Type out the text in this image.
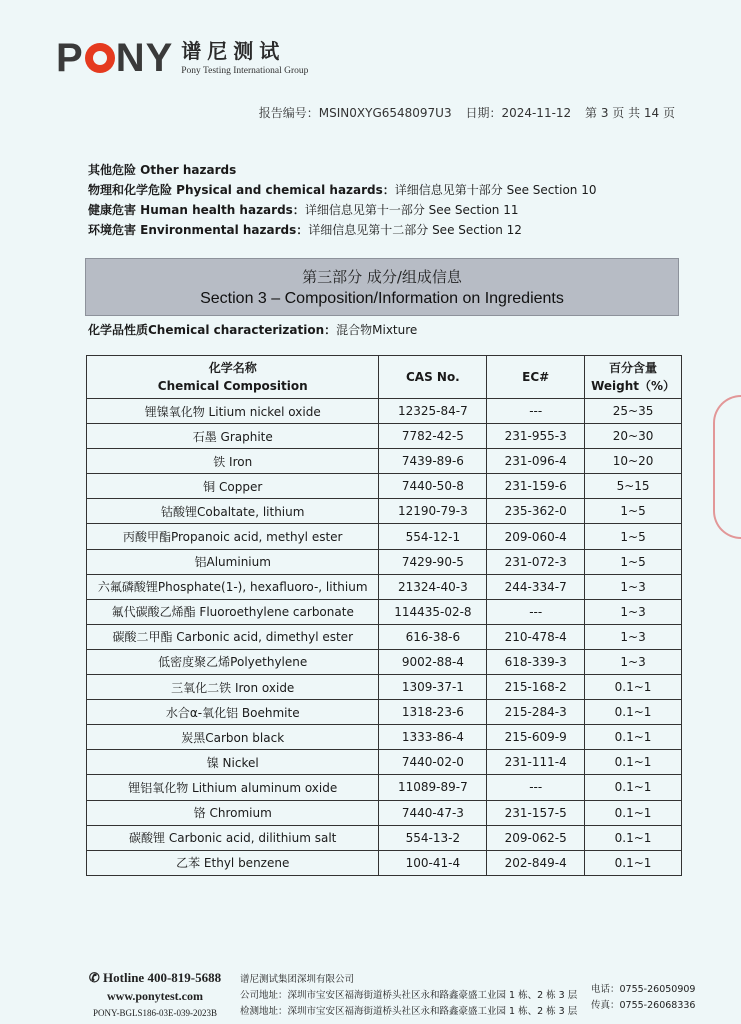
P NY 谱尼测试
Pony Testing International Group
报告编号：MSIN0XYG6548097U3 日期：2024-11-12 第 3 页 共 14 页
其他危险 Other hazards
物理和化学危险 Physical and chemical hazards：详细信息见第十部分 See Section 10
健康危害 Human health hazards：详细信息见第十一部分 See Section 11
环境危害 Environmental hazards：详细信息见第十二部分 See Section 12
第三部分 成分/组成信息
Section 3 – Composition/Information on Ingredients
化学品性质Chemical characterization：混合物Mixture
化学名称
Chemical Composition	CAS No.	EC#	百分含量
Weight（%）
锂镍氧化物 Litium nickel oxide	12325-84-7	---	25~35
石墨 Graphite	7782-42-5	231-955-3	20~30
铁 Iron	7439-89-6	231-096-4	10~20
铜 Copper	7440-50-8	231-159-6	5~15
钴酸锂Cobaltate, lithium	12190-79-3	235-362-0	1~5
丙酸甲酯Propanoic acid, methyl ester	554-12-1	209-060-4	1~5
铝Aluminium	7429-90-5	231-072-3	1~5
六氟磷酸锂Phosphate(1-), hexafluoro-, lithium	21324-40-3	244-334-7	1~3
氟代碳酸乙烯酯 Fluoroethylene carbonate	114435-02-8	---	1~3
碳酸二甲酯 Carbonic acid, dimethyl ester	616-38-6	210-478-4	1~3
低密度聚乙烯Polyethylene	9002-88-4	618-339-3	1~3
三氧化二铁 Iron oxide	1309-37-1	215-168-2	0.1~1
水合α-氧化铝 Boehmite	1318-23-6	215-284-3	0.1~1
炭黑Carbon black	1333-86-4	215-609-9	0.1~1
镍 Nickel	7440-02-0	231-111-4	0.1~1
锂铝氧化物 Lithium aluminum oxide	11089-89-7	---	0.1~1
铬 Chromium	7440-47-3	231-157-5	0.1~1
碳酸锂 Carbonic acid, dilithium salt	554-13-2	209-062-5	0.1~1
乙苯 Ethyl benzene	100-41-4	202-849-4	0.1~1
✆ Hotline 400-819-5688
www.ponytest.com
PONY-BGLS186-03E-039-2023B
谱尼测试集团深圳有限公司
公司地址：深圳市宝安区福海街道桥头社区永和路鑫豪盛工业园 1 栋、2 栋 3 层
检测地址：深圳市宝安区福海街道桥头社区永和路鑫豪盛工业园 1 栋、2 栋 3 层
电话：0755-26050909
传真：0755-26068336
